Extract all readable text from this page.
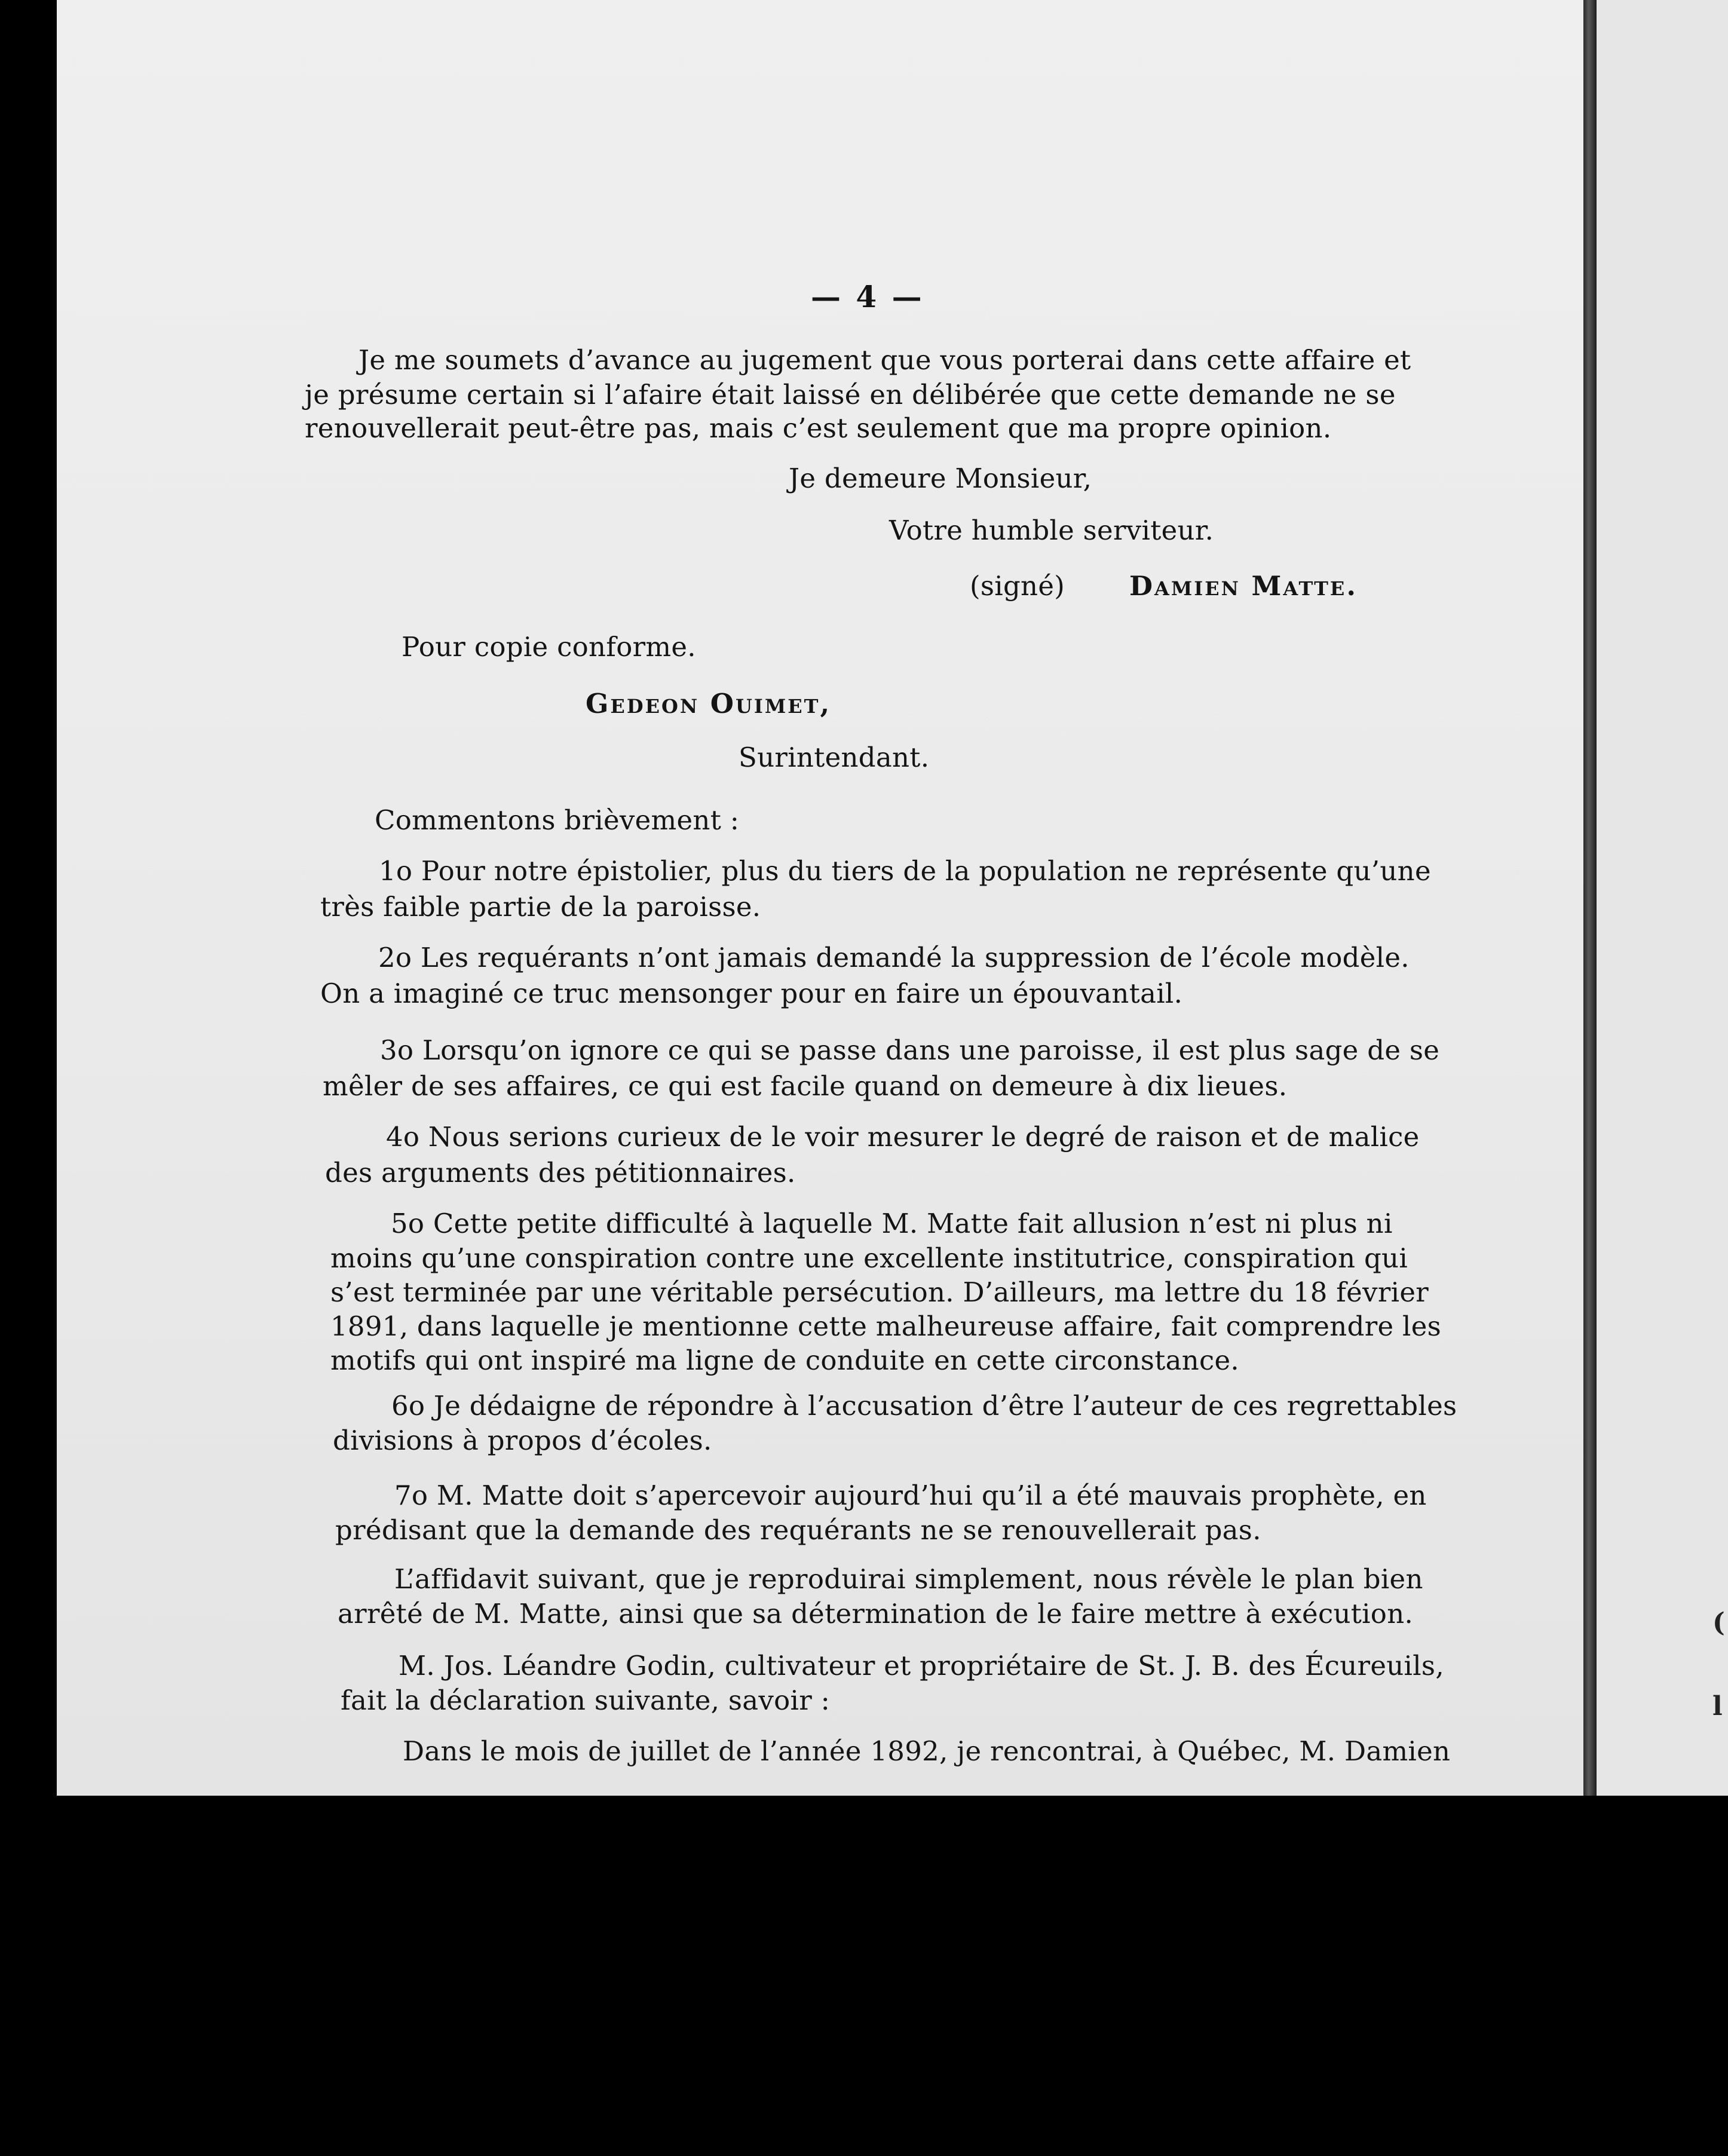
(
l
— 4 —
Je me soumets d’avance au jugement que vous porterai dans cette affaire et
je présume certain si l’afaire était laissé en délibérée que cette demande ne se
renouvellerait peut-être pas, mais c’est seulement que ma propre opinion.
Je demeure Monsieur,
Votre humble serviteur.
(signé) Damien Matte.
Pour copie conforme.
Gedeon Ouimet,
Surintendant.
Commentons brièvement :
1o Pour notre épistolier, plus du tiers de la population ne représente qu’une
très faible partie de la paroisse.
2o Les requérants n’ont jamais demandé la suppression de l’école modèle.
On a imaginé ce truc mensonger pour en faire un épouvantail.
3o Lorsqu’on ignore ce qui se passe dans une paroisse, il est plus sage de se
mêler de ses affaires, ce qui est facile quand on demeure à dix lieues.
4o Nous serions curieux de le voir mesurer le degré de raison et de malice
des arguments des pétitionnaires.
5o Cette petite difficulté à laquelle M. Matte fait allusion n’est ni plus ni
moins qu’une conspiration contre une excellente institutrice, conspiration qui
s’est terminée par une véritable persécution. D’ailleurs, ma lettre du 18 février
1891, dans laquelle je mentionne cette malheureuse affaire, fait comprendre les
motifs qui ont inspiré ma ligne de conduite en cette circonstance.
6o Je dédaigne de répondre à l’accusation d’être l’auteur de ces regrettables
divisions à propos d’écoles.
7o M. Matte doit s’apercevoir aujourd’hui qu’il a été mauvais prophète, en
prédisant que la demande des requérants ne se renouvellerait pas.
L’affidavit suivant, que je reproduirai simplement, nous révèle le plan bien
arrêté de M. Matte, ainsi que sa détermination de le faire mettre à exécution.
M. Jos. Léandre Godin, cultivateur et propriétaire de St. J. B. des Écureuils,
fait la déclaration suivante, savoir :
Dans le mois de juillet de l’année 1892, je rencontrai, à Québec, M. Damien
